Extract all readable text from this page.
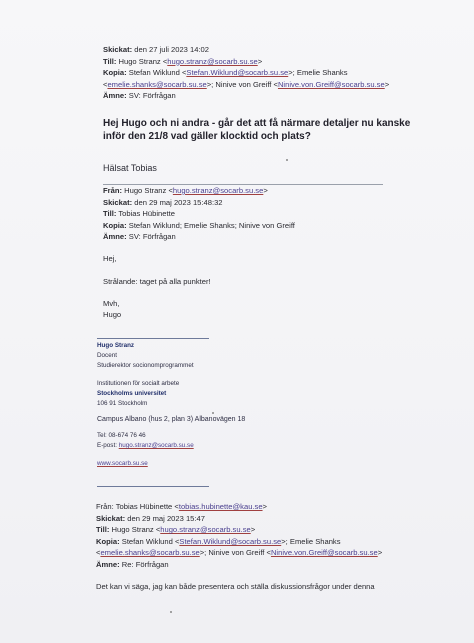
Skickat: den 27 juli 2023 14:02
Till: Hugo Stranz <hugo.stranz@socarb.su.se>
Kopia: Stefan Wiklund <Stefan.Wiklund@socarb.su.se>; Emelie Shanks
<emelie.shanks@socarb.su.se>; Ninive von Greiff <Ninive.von.Greiff@socarb.su.se>
Ämne: SV: Förfrågan
Hej Hugo och ni andra - går det att få närmare detaljer nu kanske inför den 21/8 vad gäller klocktid och plats?
Hälsat Tobias
Från: Hugo Stranz <hugo.stranz@socarb.su.se>
Skickat: den 29 maj 2023 15:48:32
Till: Tobias Hübinette
Kopia: Stefan Wiklund; Emelie Shanks; Ninive von Greiff
Ämne: SV: Förfrågan
Hej,
Strålande: taget på alla punkter!
Mvh,
Hugo
Hugo Stranz
Docent
Studierektor socionomprogrammet
Institutionen för socialt arbete
Stockholms universitet
106 91 Stockholm
Campus Albano (hus 2, plan 3) Albanovägen 18
Tel: 08-674 76 46
E-post: hugo.stranz@socarb.su.se
www.socarb.su.se
Från: Tobias Hübinette <tobias.hubinette@kau.se>
Skickat: den 29 maj 2023 15:47
Till: Hugo Stranz <hugo.stranz@socarb.su.se>
Kopia: Stefan Wiklund <Stefan.Wiklund@socarb.su.se>; Emelie Shanks
<emelie.shanks@socarb.su.se>; Ninive von Greiff <Ninive.von.Greiff@socarb.su.se>
Ämne: Re: Förfrågan
Det kan vi säga, jag kan både presentera och ställa diskussionsfrågor under denna
